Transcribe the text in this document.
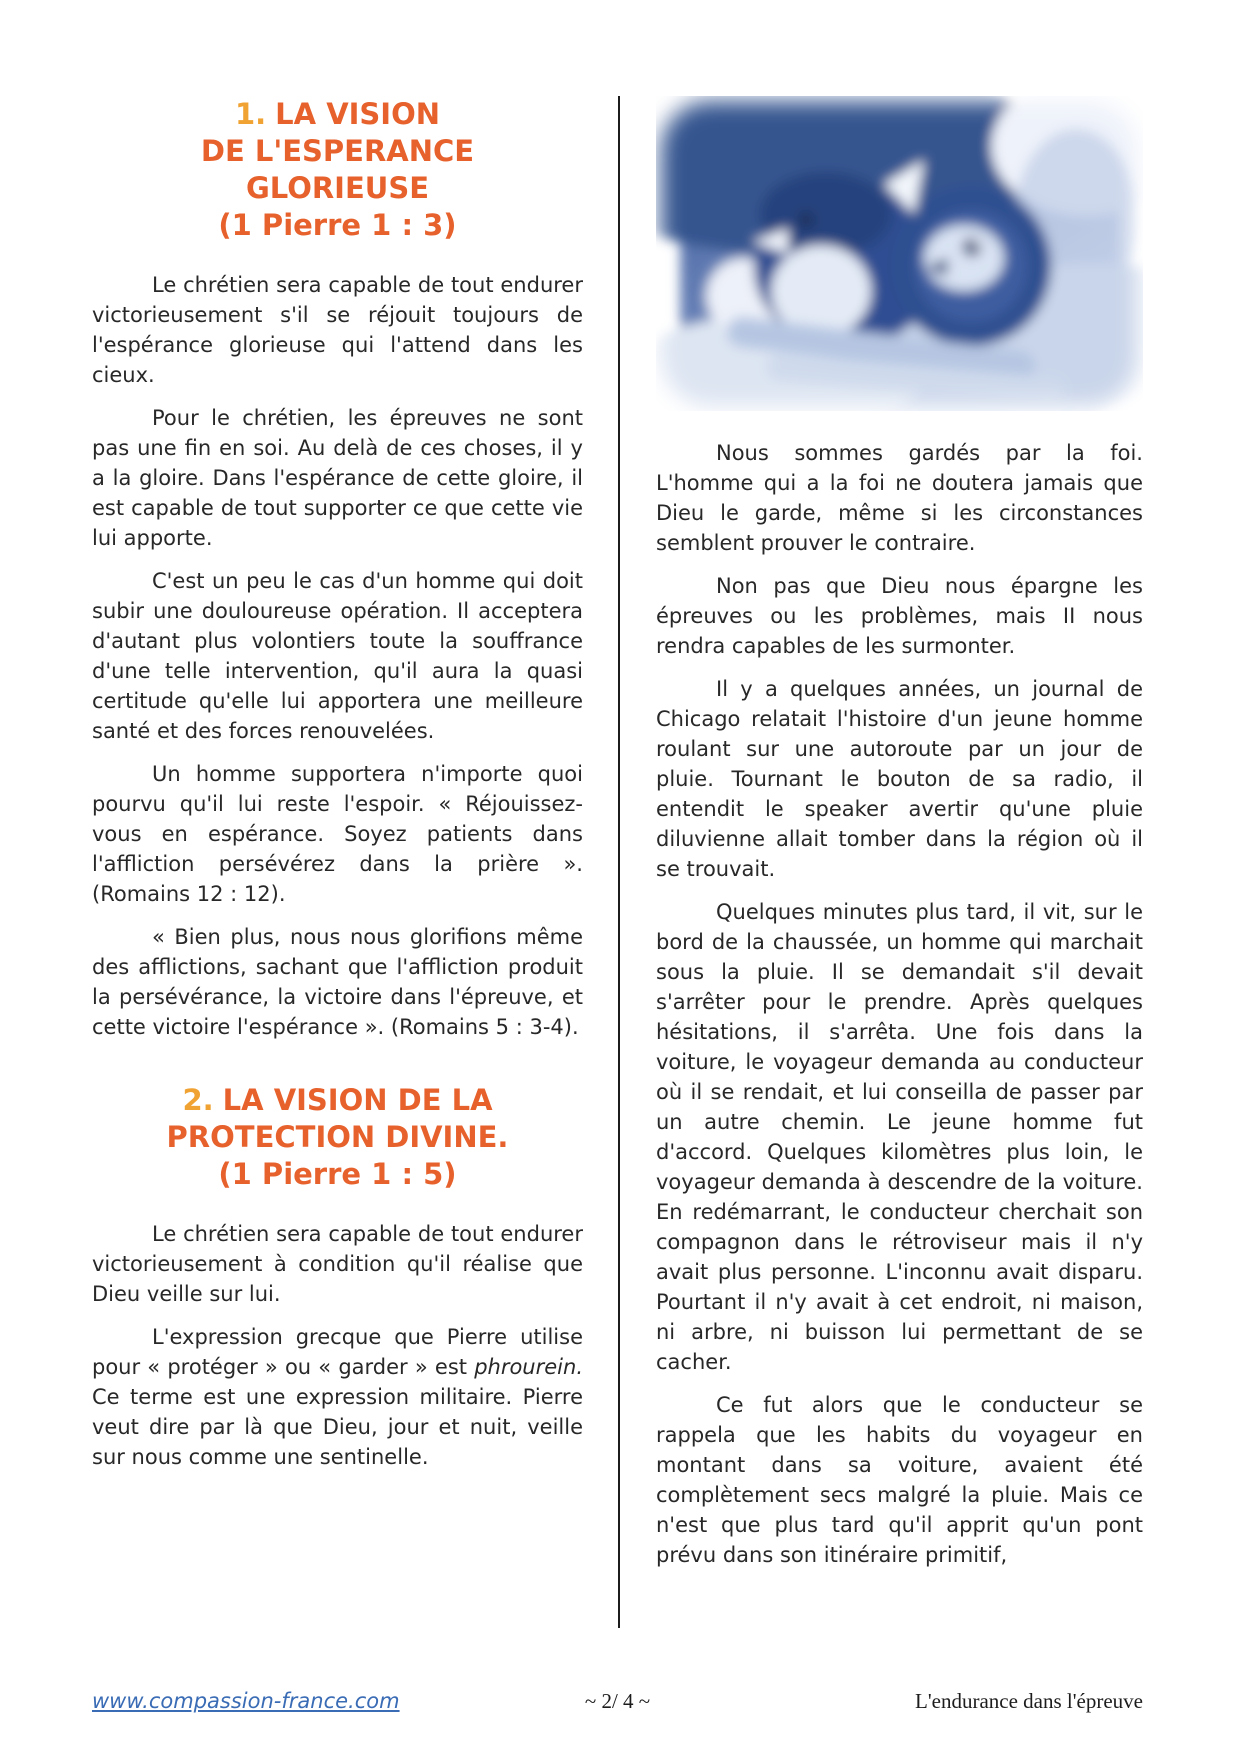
1. LA VISION
DE L'ESPERANCE
GLORIEUSE
(1 Pierre 1 : 3)

Le chrétien sera capable de tout endurer victorieusement s'il se réjouit toujours de l'espérance glorieuse qui l'attend dans les cieux.

Pour le chrétien, les épreuves ne sont pas une fin en soi. Au delà de ces choses, il y a la gloire. Dans l'espérance de cette gloire, il est capable de tout supporter ce que cette vie lui apporte.

C'est un peu le cas d'un homme qui doit subir une douloureuse opération. Il acceptera d'autant plus volontiers toute la souffrance d'une telle intervention, qu'il aura la quasi certitude qu'elle lui apportera une meilleure santé et des forces renouvelées.

Un homme supportera n'importe quoi pourvu qu'il lui reste l'espoir. « Réjouissez-vous en espérance. Soyez patients dans l'affliction persévérez dans la prière ». (Romains 12 : 12).

« Bien plus, nous nous glorifions même des afflictions, sachant que l'affliction produit la persévérance, la victoire dans l'épreuve, et cette victoire l'espérance ». (Romains 5 : 3-4).

2. LA VISION DE LA
PROTECTION DIVINE.
(1 Pierre 1 : 5)

Le chrétien sera capable de tout endurer victorieusement à condition qu'il réalise que Dieu veille sur lui.

L'expression grecque que Pierre utilise pour « protéger » ou « garder » est phrourein. Ce terme est une expression militaire. Pierre veut dire par là que Dieu, jour et nuit, veille sur nous comme une sentinelle.

Nous sommes gardés par la foi. L'homme qui a la foi ne doutera jamais que Dieu le garde, même si les circonstances semblent prouver le contraire.

Non pas que Dieu nous épargne les épreuves ou les problèmes, mais II nous rendra capables de les surmonter.

Il y a quelques années, un journal de Chicago relatait l'histoire d'un jeune homme roulant sur une autoroute par un jour de pluie. Tournant le bouton de sa radio, il entendit le speaker avertir qu'une pluie diluvienne allait tomber dans la région où il se trouvait.

Quelques minutes plus tard, il vit, sur le bord de la chaussée, un homme qui marchait sous la pluie. Il se demandait s'il devait s'arrêter pour le prendre. Après quelques hésitations, il s'arrêta. Une fois dans la voiture, le voyageur demanda au conducteur où il se rendait, et lui conseilla de passer par un autre chemin. Le jeune homme fut d'accord. Quelques kilomètres plus loin, le voyageur demanda à descendre de la voiture. En redémarrant, le conducteur cherchait son compagnon dans le rétroviseur mais il n'y avait plus personne. L'inconnu avait disparu. Pourtant il n'y avait à cet endroit, ni maison, ni arbre, ni buisson lui permettant de se cacher.

Ce fut alors que le conducteur se rappela que les habits du voyageur en montant dans sa voiture, avaient été complètement secs malgré la pluie. Mais ce n'est que plus tard qu'il apprit qu'un pont prévu dans son itinéraire primitif,

www.compassion-france.com	~ 2/ 4 ~	L'endurance dans l'épreuve
